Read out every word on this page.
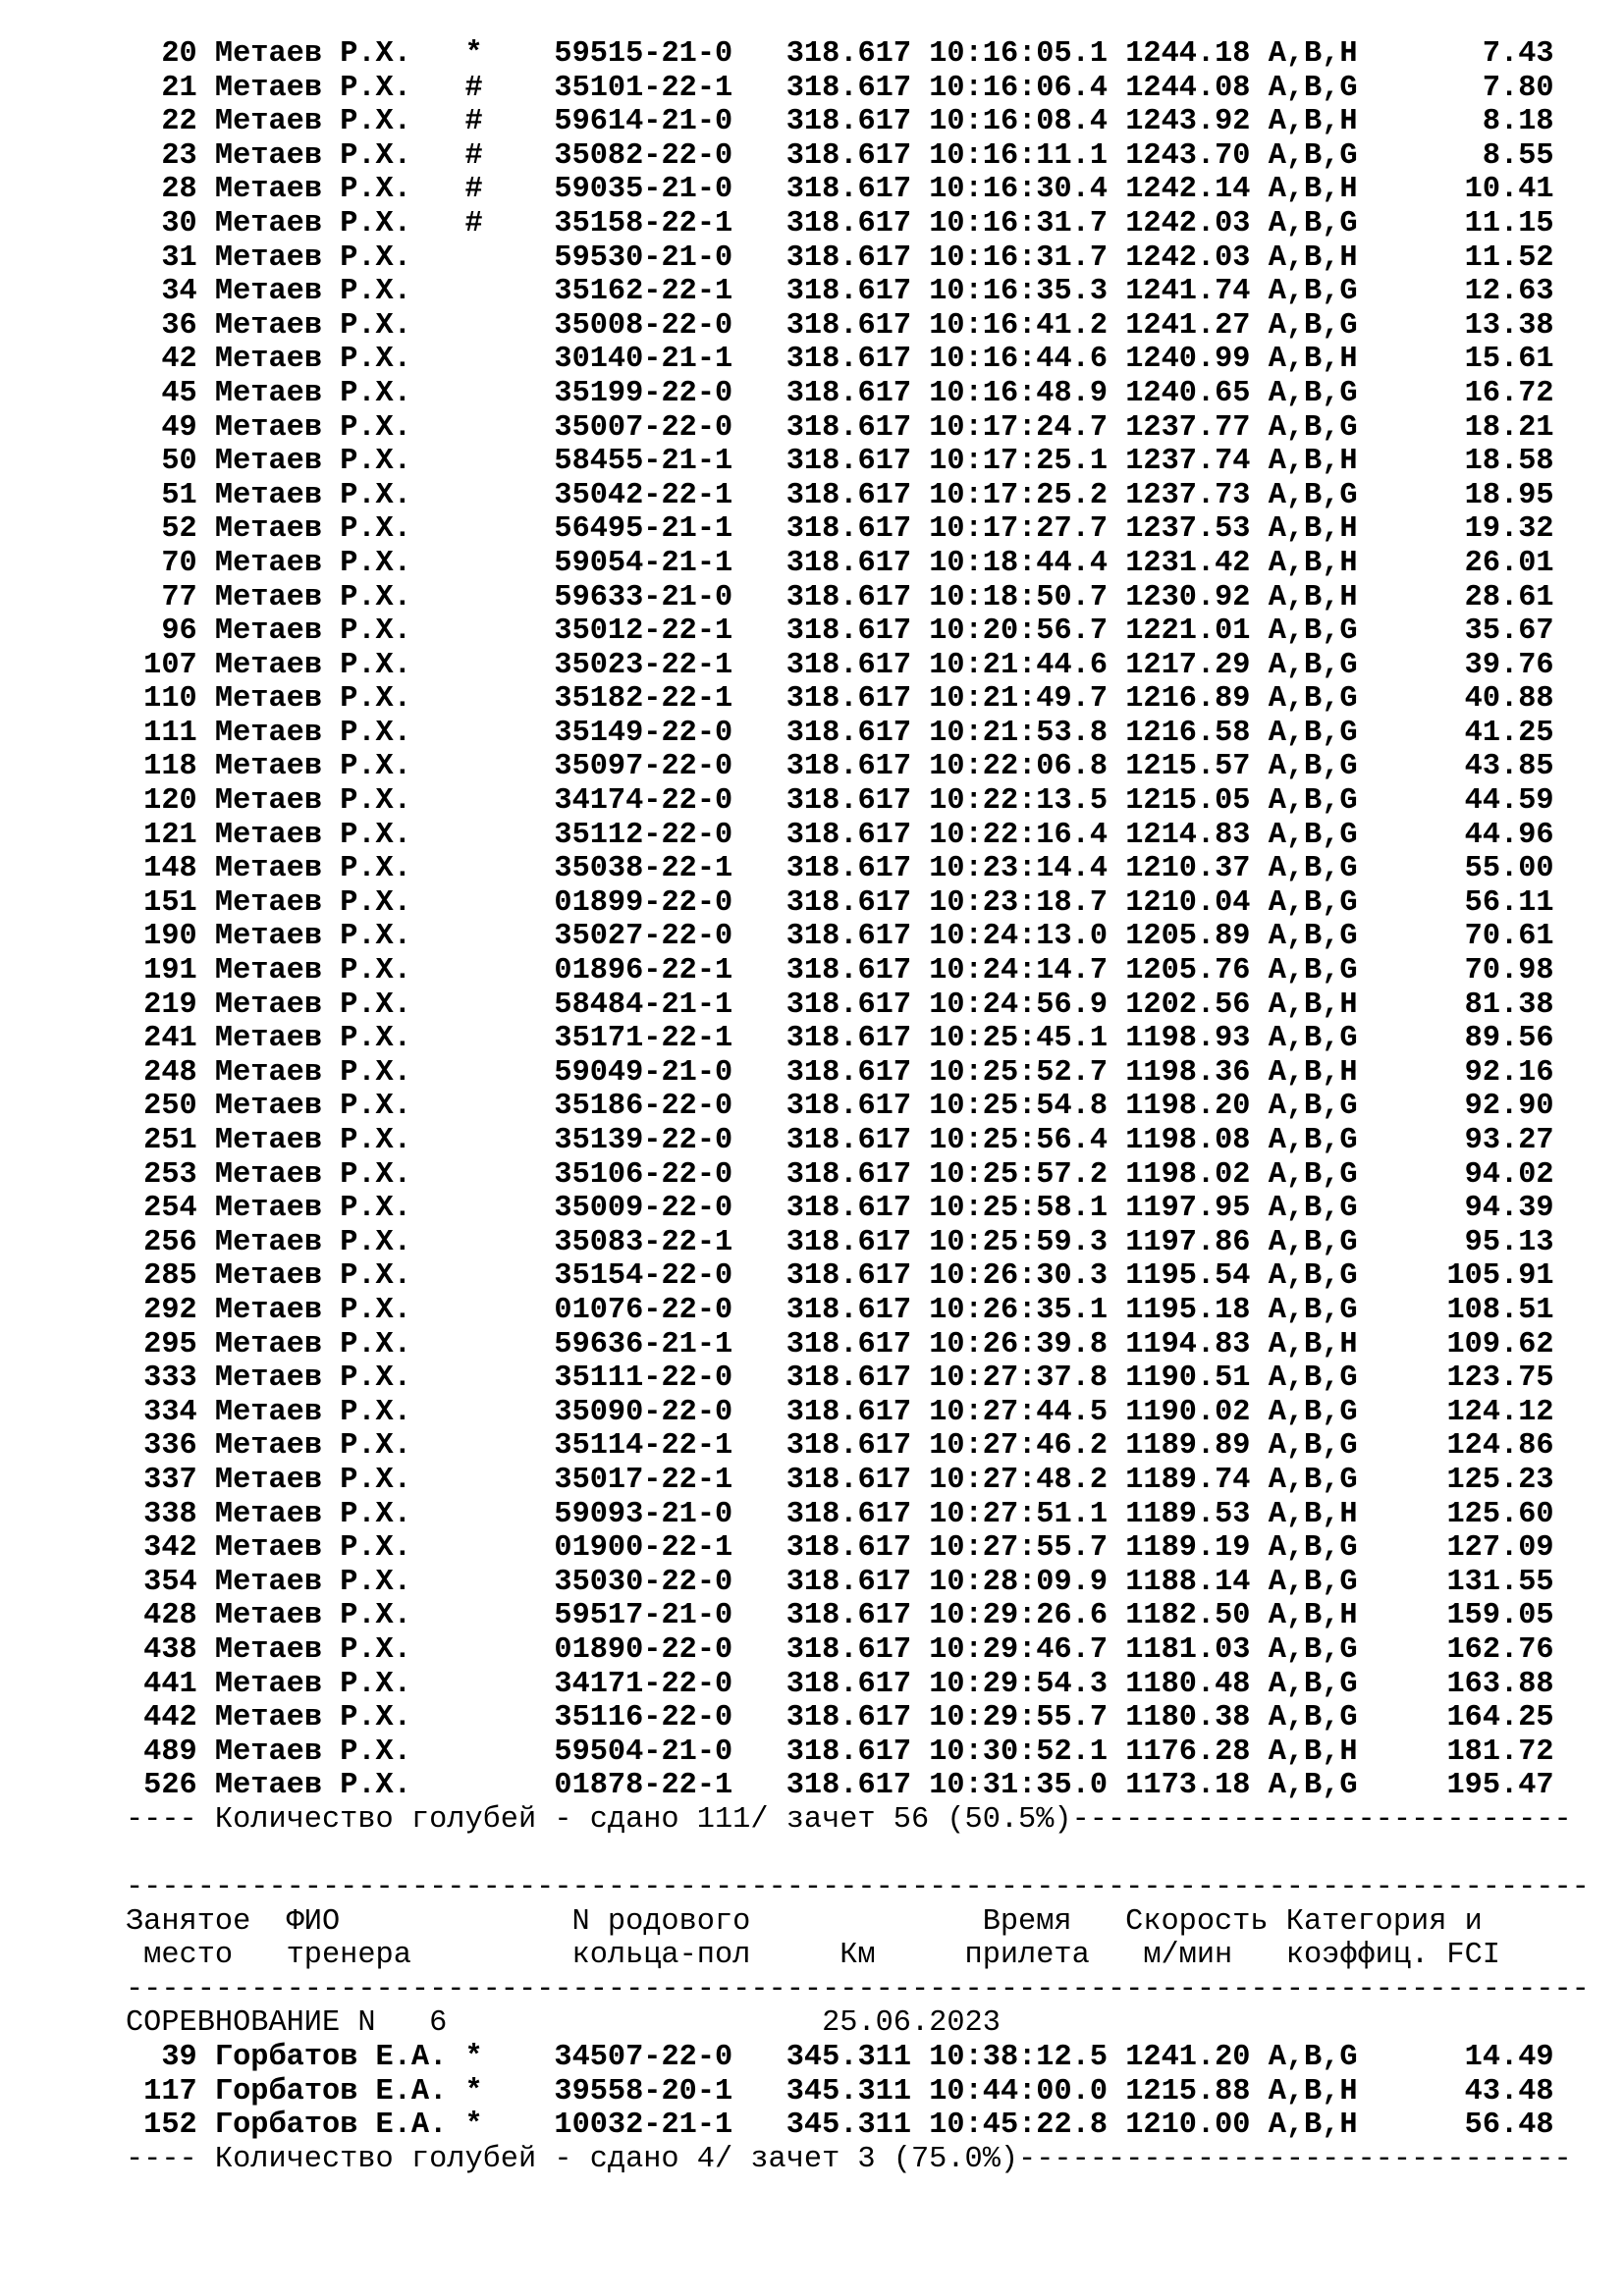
20 Метаев Р.Х.   * 59515-21-0 318.617 10:16:05.1 1244.18 A,B,H       7.43
21 Метаев Р.Х.   # 35101-22-1 318.617 10:16:06.4 1244.08 A,B,G       7.80
22 Метаев Р.Х.   # 59614-21-0 318.617 10:16:08.4 1243.92 A,B,H       8.18
23 Метаев Р.Х.   # 35082-22-0 318.617 10:16:11.1 1243.70 A,B,G       8.55
28 Метаев Р.Х.   # 59035-21-0 318.617 10:16:30.4 1242.14 A,B,H      10.41
30 Метаев Р.Х.   # 35158-22-1 318.617 10:16:31.7 1242.03 A,B,G      11.15
31 Метаев Р.Х.	59530-21-0 318.617 10:16:31.7 1242.03 A,B,H      11.52
34 Метаев Р.Х.	35162-22-1 318.617 10:16:35.3 1241.74 A,B,G      12.63
36 Метаев Р.Х.	35008-22-0 318.617 10:16:41.2 1241.27 A,B,G      13.38
42 Метаев Р.Х.	30140-21-1 318.617 10:16:44.6 1240.99 A,B,H      15.61
45 Метаев Р.Х.	35199-22-0 318.617 10:16:48.9 1240.65 A,B,G      16.72
49 Метаев Р.Х.	35007-22-0 318.617 10:17:24.7 1237.77 A,B,G      18.21
50 Метаев Р.Х.	58455-21-1 318.617 10:17:25.1 1237.74 A,B,H      18.58
51 Метаев Р.Х.	35042-22-1 318.617 10:17:25.2 1237.73 A,B,G      18.95
52 Метаев Р.Х.	56495-21-1 318.617 10:17:27.7 1237.53 A,B,H      19.32
70 Метаев Р.Х.	59054-21-1 318.617 10:18:44.4 1231.42 A,B,H      26.01
77 Метаев Р.Х.	59633-21-0 318.617 10:18:50.7 1230.92 A,B,H      28.61
96 Метаев Р.Х.	35012-22-1 318.617 10:20:56.7 1221.01 A,B,G      35.67
107 Метаев Р.Х.	35023-22-1 318.617 10:21:44.6 1217.29 A,B,G      39.76
110 Метаев Р.Х.	35182-22-1 318.617 10:21:49.7 1216.89 A,B,G      40.88
111 Метаев Р.Х.	35149-22-0 318.617 10:21:53.8 1216.58 A,B,G      41.25
118 Метаев Р.Х.	35097-22-0 318.617 10:22:06.8 1215.57 A,B,G      43.85
120 Метаев Р.Х.	34174-22-0 318.617 10:22:13.5 1215.05 A,B,G      44.59
121 Метаев Р.Х.	35112-22-0 318.617 10:22:16.4 1214.83 A,B,G      44.96
148 Метаев Р.Х.	35038-22-1 318.617 10:23:14.4 1210.37 A,B,G      55.00
151 Метаев Р.Х.	01899-22-0 318.617 10:23:18.7 1210.04 A,B,G      56.11
190 Метаев Р.Х.	35027-22-0 318.617 10:24:13.0 1205.89 A,B,G      70.61
191 Метаев Р.Х.	01896-22-1 318.617 10:24:14.7 1205.76 A,B,G      70.98
219 Метаев Р.Х.	58484-21-1 318.617 10:24:56.9 1202.56 A,B,H      81.38
241 Метаев Р.Х.	35171-22-1 318.617 10:25:45.1 1198.93 A,B,G      89.56
248 Метаев Р.Х.	59049-21-0 318.617 10:25:52.7 1198.36 A,B,H      92.16
250 Метаев Р.Х.	35186-22-0 318.617 10:25:54.8 1198.20 A,B,G      92.90
251 Метаев Р.Х.	35139-22-0 318.617 10:25:56.4 1198.08 A,B,G      93.27
253 Метаев Р.Х.	35106-22-0 318.617 10:25:57.2 1198.02 A,B,G      94.02
254 Метаев Р.Х.	35009-22-0 318.617 10:25:58.1 1197.95 A,B,G      94.39
256 Метаев Р.Х.	35083-22-1 318.617 10:25:59.3 1197.86 A,B,G      95.13
285 Метаев Р.Х.	35154-22-0 318.617 10:26:30.3 1195.54 A,B,G     105.91
292 Метаев Р.Х.	01076-22-0 318.617 10:26:35.1 1195.18 A,B,G     108.51
295 Метаев Р.Х.	59636-21-1 318.617 10:26:39.8 1194.83 A,B,H     109.62
333 Метаев Р.Х.	35111-22-0 318.617 10:27:37.8 1190.51 A,B,G     123.75
334 Метаев Р.Х.	35090-22-0 318.617 10:27:44.5 1190.02 A,B,G     124.12
336 Метаев Р.Х.	35114-22-1 318.617 10:27:46.2 1189.89 A,B,G     124.86
337 Метаев Р.Х.	35017-22-1 318.617 10:27:48.2 1189.74 A,B,G     125.23
338 Метаев Р.Х.	59093-21-0 318.617 10:27:51.1 1189.53 A,B,H     125.60
342 Метаев Р.Х.	01900-22-1 318.617 10:27:55.7 1189.19 A,B,G     127.09
354 Метаев Р.Х.	35030-22-0 318.617 10:28:09.9 1188.14 A,B,G     131.55
428 Метаев Р.Х.	59517-21-0 318.617 10:29:26.6 1182.50 A,B,H     159.05
438 Метаев Р.Х.	01890-22-0 318.617 10:29:46.7 1181.03 A,B,G     162.76
441 Метаев Р.Х.	34171-22-0 318.617 10:29:54.3 1180.48 A,B,G     163.88
442 Метаев Р.Х.	35116-22-0 318.617 10:29:55.7 1180.38 A,B,G     164.25
489 Метаев Р.Х.	59504-21-0 318.617 10:30:52.1 1176.28 A,B,H     181.72
526 Метаев Р.Х.	01878-22-1 318.617 10:31:35.0 1173.18 A,B,G     195.47
---- Количество голубей - сдано 111/ зачет 56 (50.5%)----------------------------
----------------------------------------------------------------------------------
Занятое  ФИО             N родового             Время   Скорость Категория и
место   тренера         кольца-пол     Км     прилета   м/мин   коэффиц. FCI
----------------------------------------------------------------------------------
СОРЕВНОВАНИЕ N   6	25.06.2023
39 Горбатов Е.А. * 34507-22-0 345.311 10:38:12.5 1241.20 A,B,G      14.49
117 Горбатов Е.А. * 39558-20-1 345.311 10:44:00.0 1215.88 A,B,H      43.48
152 Горбатов Е.А. * 10032-21-1 345.311 10:45:22.8 1210.00 A,B,H      56.48
---- Количество голубей - сдано 4/ зачет 3 (75.0%)-------------------------------
